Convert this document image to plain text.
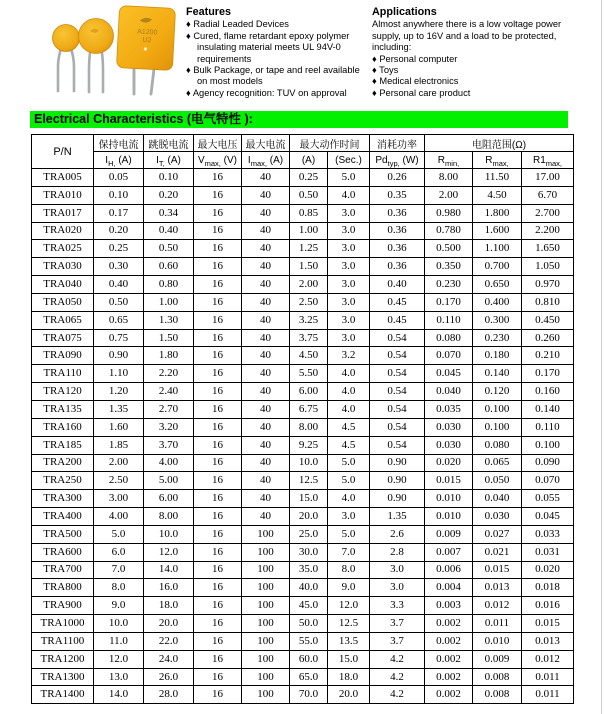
A1200
U2
Features
♦ Radial Leaded Devices
♦ Cured, flame retardant epoxy polymer insulating material meets UL 94V-0 requirements
♦ Bulk Package, or tape and reel available on most models
♦ Agency recognition: TUV on approval
Applications

Almost anywhere there is a low voltage power supply, up to 16V and a load to be protected, including:

♦ Personal computer
♦ Toys
♦ Medical electronics
♦ Personal care product
Electrical Characteristics (电气特性 ):
P/N	保持电流	跳脱电流	最大电压	最大电流	最大动作时间		消耗功率	电阻范围(Ω)		
	$I_{H,}$ (A)	$I_{T,}$ (A)	$V_{max,}$ (V)	$I_{max,}$ (A)	(A)	(Sec.)	$Pd_{typ,}$ (W)	$R_{min,}$	$R_{max,}$	$R1_{max,}$
TRA005	0.05	0.10	16	40	0.25	5.0	0.26	8.00	11.50	17.00
TRA010	0.10	0.20	16	40	0.50	4.0	0.35	2.00	4.50	6.70
TRA017	0.17	0.34	16	40	0.85	3.0	0.36	0.980	1.800	2.700
TRA020	0.20	0.40	16	40	1.00	3.0	0.36	0.780	1.600	2.200
TRA025	0.25	0.50	16	40	1.25	3.0	0.36	0.500	1.100	1.650
TRA030	0.30	0.60	16	40	1.50	3.0	0.36	0.350	0.700	1.050
TRA040	0.40	0.80	16	40	2.00	3.0	0.40	0.230	0.650	0.970
TRA050	0.50	1.00	16	40	2.50	3.0	0.45	0.170	0.400	0.810
TRA065	0.65	1.30	16	40	3.25	3.0	0.45	0.110	0.300	0.450
TRA075	0.75	1.50	16	40	3.75	3.0	0.54	0.080	0.230	0.260
TRA090	0.90	1.80	16	40	4.50	3.2	0.54	0.070	0.180	0.210
TRA110	1.10	2.20	16	40	5.50	4.0	0.54	0.045	0.140	0.170
TRA120	1.20	2.40	16	40	6.00	4.0	0.54	0.040	0.120	0.160
TRA135	1.35	2.70	16	40	6.75	4.0	0.54	0.035	0.100	0.140
TRA160	1.60	3.20	16	40	8.00	4.5	0.54	0.030	0.100	0.110
TRA185	1.85	3.70	16	40	9.25	4.5	0.54	0.030	0.080	0.100
TRA200	2.00	4.00	16	40	10.0	5.0	0.90	0.020	0.065	0.090
TRA250	2.50	5.00	16	40	12.5	5.0	0.90	0.015	0.050	0.070
TRA300	3.00	6.00	16	40	15.0	4.0	0.90	0.010	0.040	0.055
TRA400	4.00	8.00	16	40	20.0	3.0	1.35	0.010	0.030	0.045
TRA500	5.0	10.0	16	100	25.0	5.0	2.6	0.009	0.027	0.033
TRA600	6.0	12.0	16	100	30.0	7.0	2.8	0.007	0.021	0.031
TRA700	7.0	14.0	16	100	35.0	8.0	3.0	0.006	0.015	0.020
TRA800	8.0	16.0	16	100	40.0	9.0	3.0	0.004	0.013	0.018
TRA900	9.0	18.0	16	100	45.0	12.0	3.3	0.003	0.012	0.016
TRA1000	10.0	20.0	16	100	50.0	12.5	3.7	0.002	0.011	0.015
TRA1100	11.0	22.0	16	100	55.0	13.5	3.7	0.002	0.010	0.013
TRA1200	12.0	24.0	16	100	60.0	15.0	4.2	0.002	0.009	0.012
TRA1300	13.0	26.0	16	100	65.0	18.0	4.2	0.002	0.008	0.011
TRA1400	14.0	28.0	16	100	70.0	20.0	4.2	0.002	0.008	0.011
